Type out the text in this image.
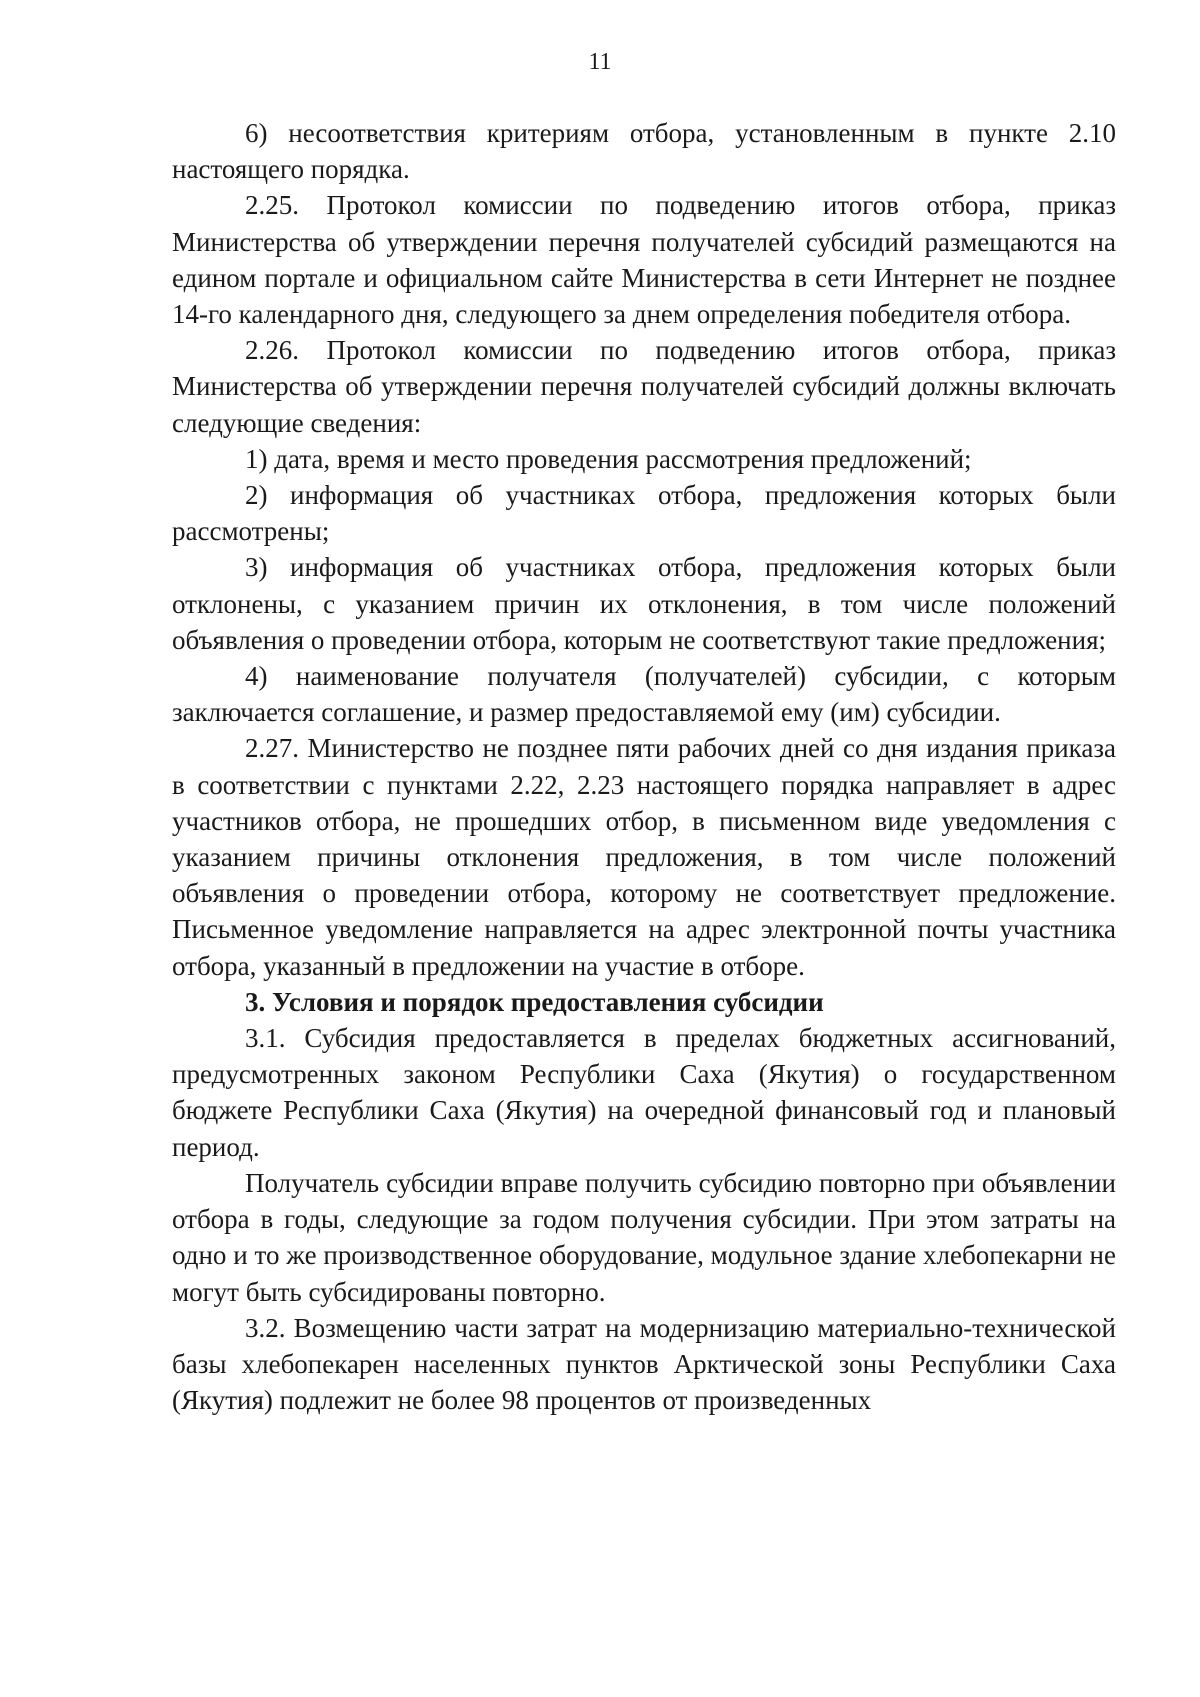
11

6) несоответствия критериям отбора, установленным в пункте 2.10 настоящего порядка.

2.25. Протокол комиссии по подведению итогов отбора, приказ Министерства об утверждении перечня получателей субсидий размещаются на едином портале и официальном сайте Министерства в сети Интернет не позднее 14-го календарного дня, следующего за днем определения победителя отбора.

2.26. Протокол комиссии по подведению итогов отбора, приказ Министерства об утверждении перечня получателей субсидий должны включать следующие сведения:

1) дата, время и место проведения рассмотрения предложений;

2) информация об участниках отбора, предложения которых были рассмотрены;

3) информация об участниках отбора, предложения которых были отклонены, с указанием причин их отклонения, в том числе положений объявления о проведении отбора, которым не соответствуют такие предложения;

4) наименование получателя (получателей) субсидии, с которым заключается соглашение, и размер предоставляемой ему (им) субсидии.

2.27. Министерство не позднее пяти рабочих дней со дня издания приказа в соответствии с пунктами 2.22, 2.23 настоящего порядка направляет в адрес участников отбора, не прошедших отбор, в письменном виде уведомления с указанием причины отклонения предложения, в том числе положений объявления о проведении отбора, которому не соответствует предложение. Письменное уведомление направляется на адрес электронной почты участника отбора, указанный в предложении на участие в отборе.

3. Условия и порядок предоставления субсидии

3.1. Субсидия предоставляется в пределах бюджетных ассигнований, предусмотренных законом Республики Саха (Якутия) о государственном бюджете Республики Саха (Якутия) на очередной финансовый год и плановый период.

Получатель субсидии вправе получить субсидию повторно при объявлении отбора в годы, следующие за годом получения субсидии. При этом затраты на одно и то же производственное оборудование, модульное здание хлебопекарни не могут быть субсидированы повторно.

3.2. Возмещению части затрат на модернизацию материально-технической базы хлебопекарен населенных пунктов Арктической зоны Республики Саха (Якутия) подлежит не более 98 процентов от произведенных
